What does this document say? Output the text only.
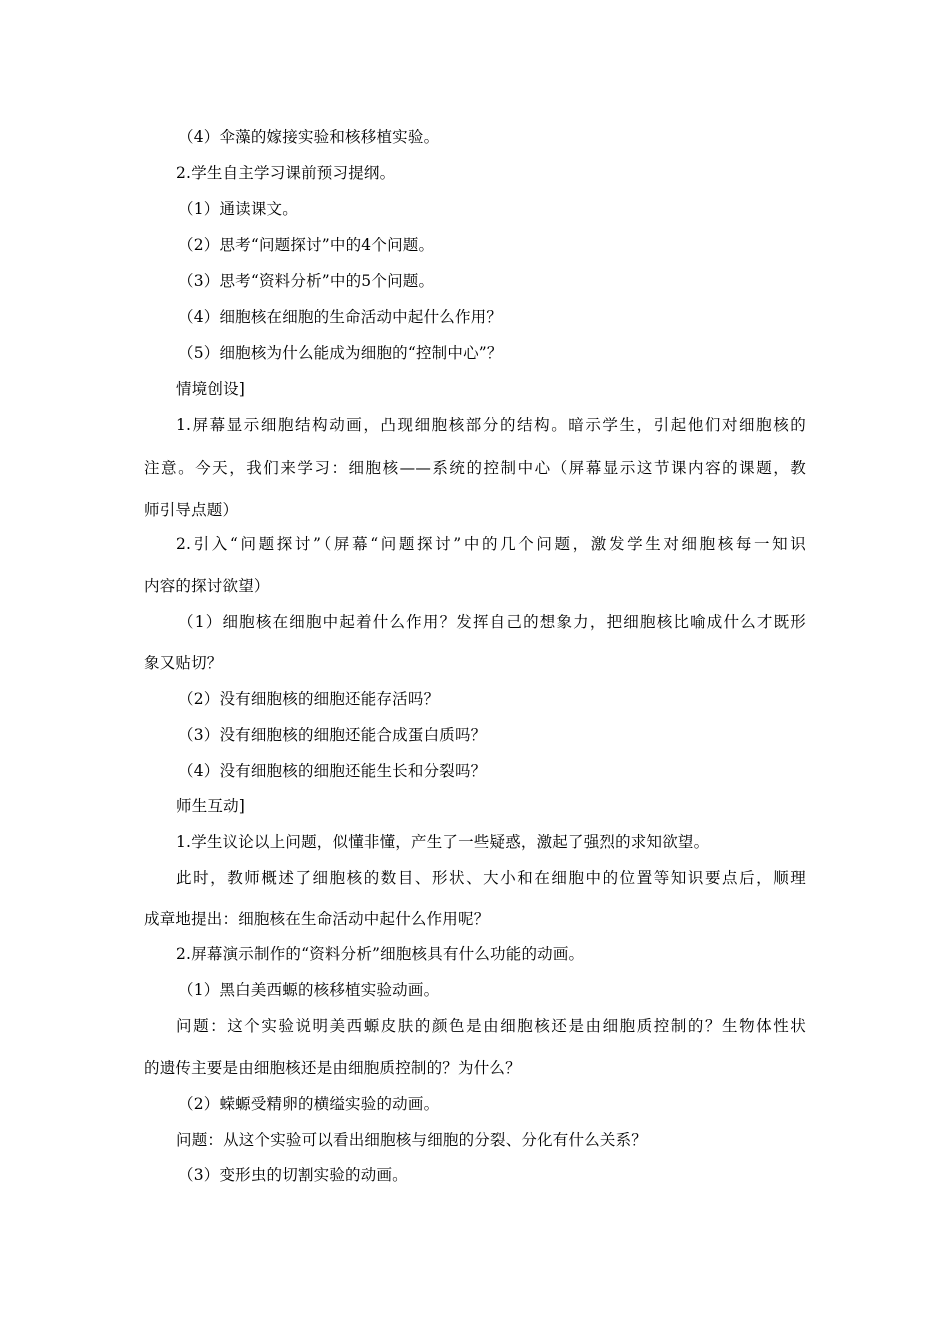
（4）伞藻的嫁接实验和核移植实验。
2.学生自主学习课前预习提纲。
（1）通读课文。
（2）思考“问题探讨”中的4个问题。
（3）思考“资料分析”中的5个问题。
（4）细胞核在细胞的生命活动中起什么作用？
（5）细胞核为什么能成为细胞的“控制中心”？
情境创设]
1.屏幕显示细胞结构动画，凸现细胞核部分的结构。暗示学生，引起他们对细胞核的
注意。今天，我们来学习：细胞核——系统的控制中心（屏幕显示这节课内容的课题，教
师引导点题）
2.引入“问题探讨”（屏幕“问题探讨”中的几个问题，激发学生对细胞核每一知识
内容的探讨欲望）
（1）细胞核在细胞中起着什么作用？发挥自己的想象力，把细胞核比喻成什么才既形
象又贴切？
（2）没有细胞核的细胞还能存活吗？
（3）没有细胞核的细胞还能合成蛋白质吗？
（4）没有细胞核的细胞还能生长和分裂吗？
师生互动]
1.学生议论以上问题，似懂非懂，产生了一些疑惑，激起了强烈的求知欲望。
此时，教师概述了细胞核的数目、形状、大小和在细胞中的位置等知识要点后，顺理
成章地提出：细胞核在生命活动中起什么作用呢？
2.屏幕演示制作的“资料分析”细胞核具有什么功能的动画。
（1）黑白美西螈的核移植实验动画。
问题：这个实验说明美西螈皮肤的颜色是由细胞核还是由细胞质控制的？生物体性状
的遗传主要是由细胞核还是由细胞质控制的？为什么？
（2）蝾螈受精卵的横缢实验的动画。
问题：从这个实验可以看出细胞核与细胞的分裂、分化有什么关系？
（3）变形虫的切割实验的动画。
